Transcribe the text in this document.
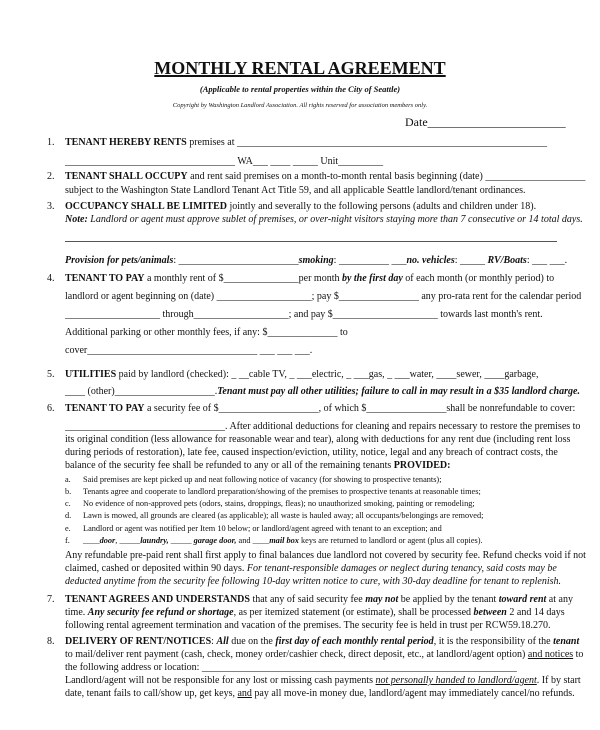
MONTHLY RENTAL AGREEMENT
(Applicable to rental properties within the City of Seattle)
Copyright by Washington Landlord Association. All rights reserved for association members only.
Date_______________________
1. TENANT HEREBY RENTS premises at ______________________________________________________________
__________________________________ WA___ ____ _____ Unit_________
2. TENANT SHALL OCCUPY and rent said premises on a month-to-month rental basis beginning (date) ____________________
subject to the Washington State Landlord Tenant Act Title 59, and all applicable Seattle landlord/tenant ordinances.
3. OCCUPANCY SHALL BE LIMITED jointly and severally to the following persons (adults and children under 18).
Note: Landlord or agent must approve sublet of premises, or over-night visitors staying more than 7 consecutive or 14 total days.
Provision for pets/animals: ________________________smoking: __________ ___no. vehicles: _____ RV/Boats: ___ ___.
4. TENANT TO PAY a monthly rent of $_______________per month by the first day of each month (or monthly period) to
landlord or agent beginning on (date) ___________________; pay $________________ any pro-rata rent for the calendar period
___________________ through___________________; and pay $_____________________ towards last month's rent.
Additional parking or other monthly fees, if any: $______________ to
cover__________________________________ ___ ___ ___.
5. UTILITIES paid by landlord (checked): _ __cable TV, _ ___electric, _ ___gas, _ ___water, ____sewer, ____garbage,
____ (other)____________________.Tenant must pay all other utilities; failure to call in may result in a $35 landlord charge.
6. TENANT TO PAY a security fee of $____________________, of which $________________shall be nonrefundable to cover:
________________________________. After additional deductions for cleaning and repairs necessary to restore the premises to
its original condition (less allowance for reasonable wear and tear), along with deductions for any rent due (including rent loss
during periods of restoration), late fee, caused inspection/eviction, utility, notice, legal and any breach of contract costs, the
balance of the security fee shall be refunded to any or all of the remaining tenants PROVIDED:
a. Said premises are kept picked up and neat following notice of vacancy (for showing to prospective tenants);
b. Tenants agree and cooperate to landlord preparation/showing of the premises to prospective tenants at reasonable times;
c. No evidence of non-approved pets (odors, stains, droppings, fleas); no unauthorized smoking, painting or remodeling;
d. Lawn is mowed, all grounds are cleared (as applicable); all waste is hauled away; all occupants/belongings are removed;
e. Landlord or agent was notified per Item 10 below; or landlord/agent agreed with tenant to an exception; and
f. ____door, _____laundry, _____ garage door, and ____mail box keys are returned to landlord or agent (plus all copies).
Any refundable pre-paid rent shall first apply to final balances due landlord not covered by security fee. Refund checks void if not
claimed, cashed or deposited within 90 days. For tenant-responsible damages or neglect during tenancy, said costs may be
deducted anytime from the security fee following 10-day written notice to cure, with 30-day deadline for tenant to replenish.
7. TENANT AGREES AND UNDERSTANDS that any of said security fee may not be applied by the tenant toward rent at any
time. Any security fee refund or shortage, as per itemized statement (or estimate), shall be processed between 2 and 14 days
following rental agreement termination and vacation of the premises. The security fee is held in trust per RCW59.18.270.
8. DELIVERY OF RENT/NOTICES: All due on the first day of each monthly rental period, it is the responsibility of the tenant
to mail/deliver rent payment (cash, check, money order/cashier check, direct deposit, etc., at landlord/agent option) and notices to
the following address or location: _______________________________________________________________
Landlord/agent will not be responsible for any lost or missing cash payments not personally handed to landlord/agent. If by start
date, tenant fails to call/show up, get keys, and pay all move-in money due, landlord/agent may immediately cancel/no refunds.
